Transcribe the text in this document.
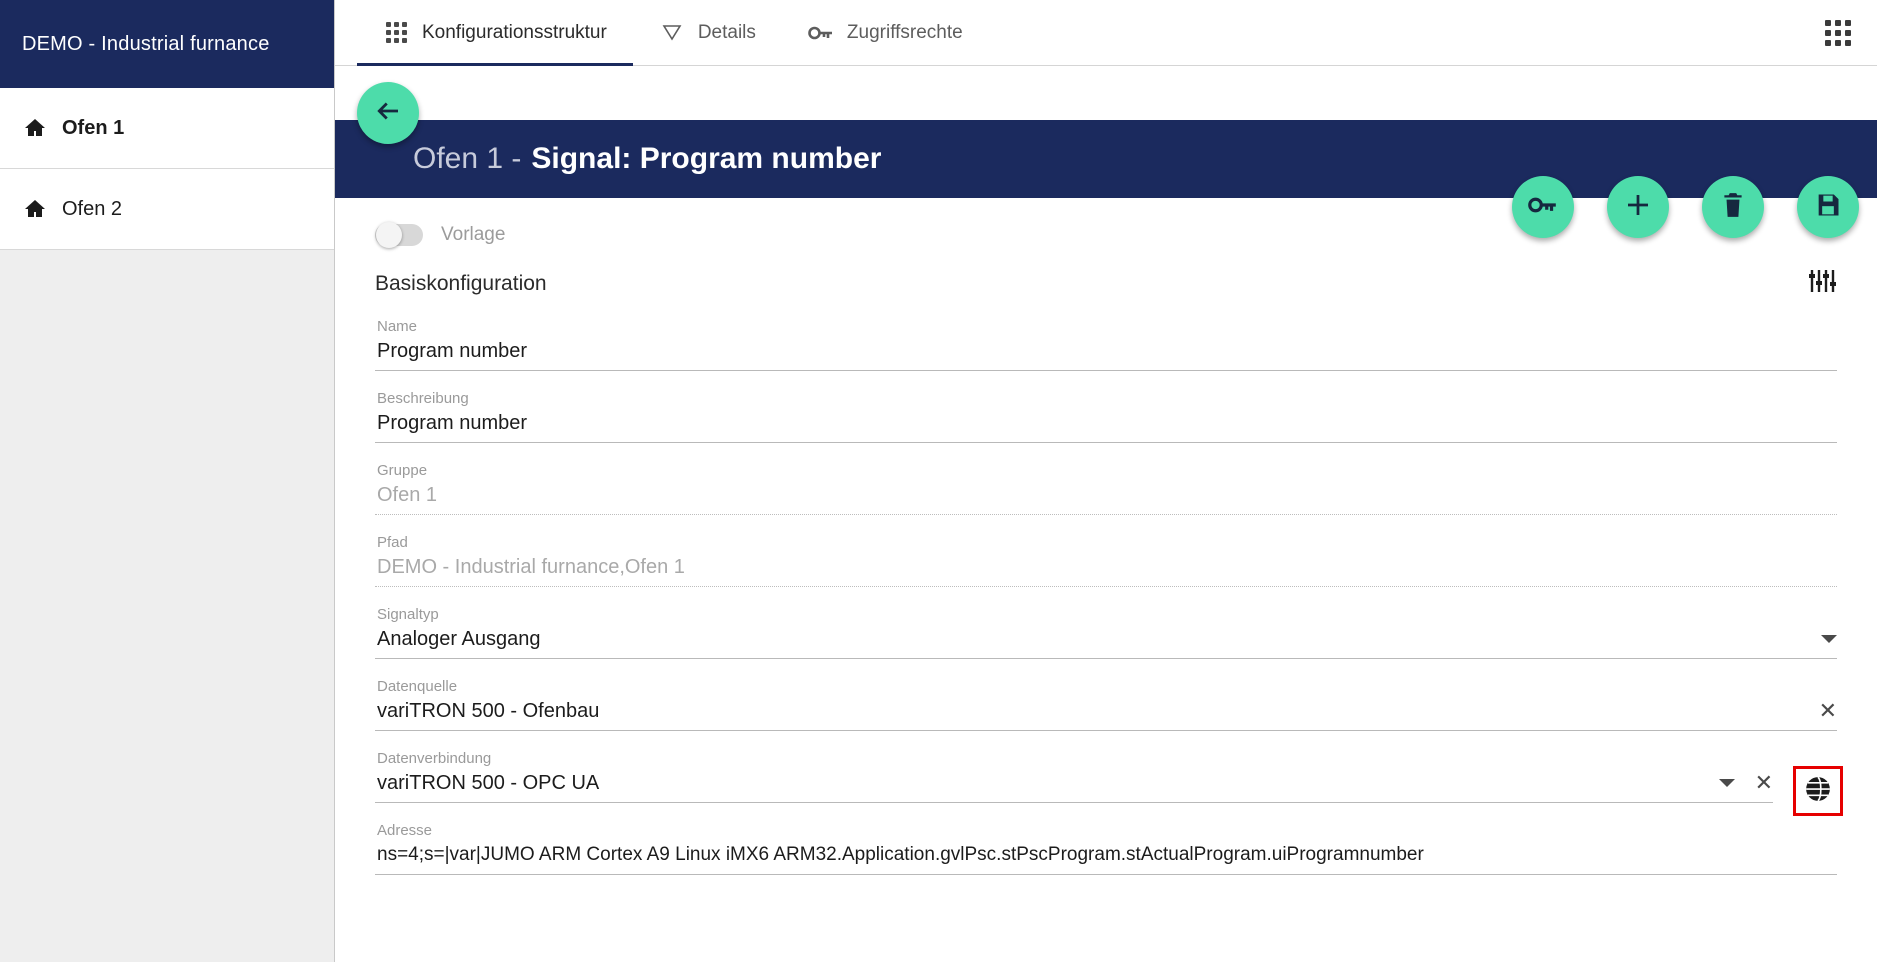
DEMO - Industrial furnance
Ofen 1
Ofen 2
Konfigurationsstruktur	Details	Zugriffsrechte
Ofen 1 - Signal: Program number
Vorlage
Basiskonfiguration
Name
Program number
Beschreibung
Program number
Gruppe
Ofen 1
Pfad
DEMO - Industrial furnance,Ofen 1
Signaltyp
Analoger Ausgang
Datenquelle
variTRON 500 - Ofenbau	✕
Datenverbindung
variTRON 500 - OPC UA	✕
Adresse
ns=4;s=|var|JUMO ARM Cortex A9 Linux iMX6 ARM32.Application.gvlPsc.stPscProgram.stActualProgram.uiProgramnumber
